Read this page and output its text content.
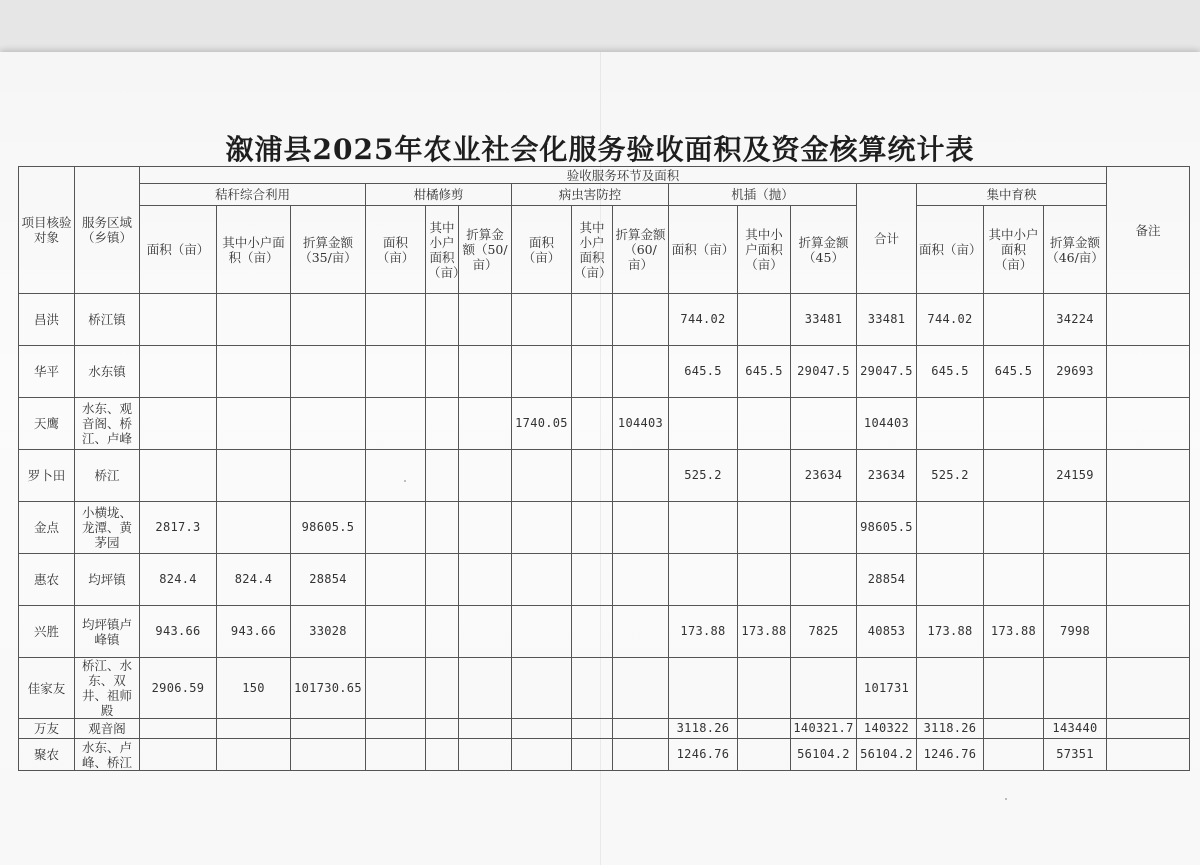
溆浦县2025年农业社会化服务验收面积及资金核算统计表
项目核验对象	服务区域（乡镇）	验收服务环节及面积																备注
		秸秆综合利用			柑橘修剪			病虫害防控			机插（抛）			合计	集中育秧			
		面积（亩）	其中小户面积（亩）	折算金额（35/亩）	面积（亩）	其中小户面积（亩）	折算金额（50/亩）	面积（亩）	其中小户面积（亩）	折算金额（60/亩）	面积（亩）	其中小户面积（亩）	折算金额（45）		面积（亩）	其中小户面积（亩）	折算金额（46/亩）	
昌洪	桥江镇										744.02		33481	33481	744.02		34224	
华平	水东镇										645.5	645.5	29047.5	29047.5	645.5	645.5	29693	
天鹰	水东、观音阁、桥江、卢峰							1740.05		104403				104403				
罗卜田	桥江										525.2		23634	23634	525.2		24159	
金点	小横垅、龙潭、黄茅园	2817.3		98605.5										98605.5				
惠农	均坪镇	824.4	824.4	28854										28854				
兴胜	均坪镇卢峰镇	943.66	943.66	33028							173.88	173.88	7825	40853	173.88	173.88	7998	
佳家友	桥江、水东、双井、祖师殿	2906.59	150	101730.65										101731				
万友	观音阁										3118.26		140321.7	140322	3118.26		143440	
聚农	水东、卢峰、桥江										1246.76		56104.2	56104.2	1246.76		57351	
